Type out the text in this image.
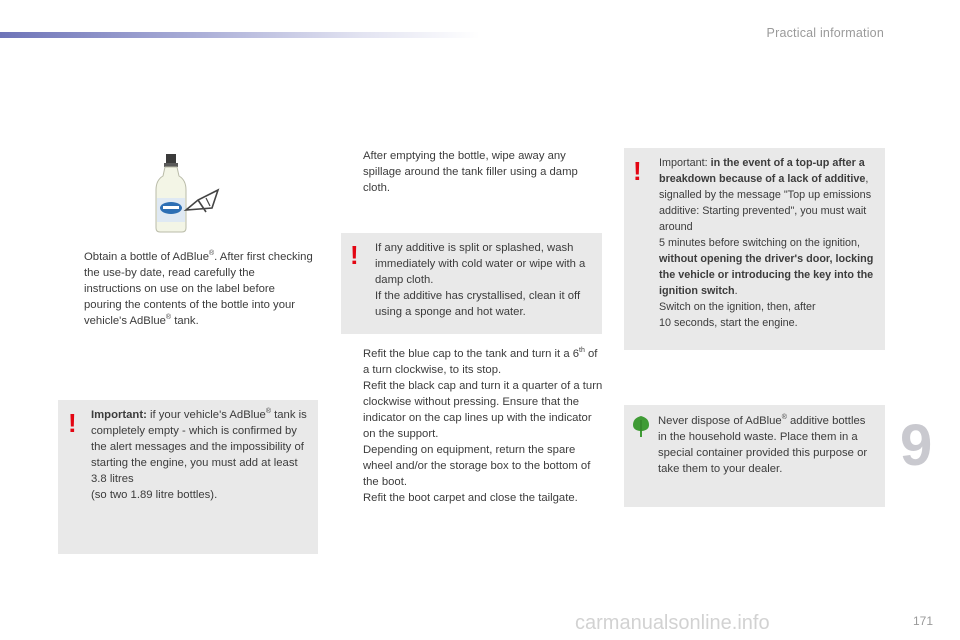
Practical information
Obtain a bottle of AdBlue®. After first checking the use-by date, read carefully the instructions on use on the label before pouring the contents of the bottle into your vehicle's AdBlue® tank.
! Important: if your vehicle's AdBlue® tank is completely empty - which is confirmed by the alert messages and the impossibility of starting the engine, you must add at least 3.8 litres
(so two 1.89 litre bottles).
After emptying the bottle, wipe away any spillage around the tank filler using a damp cloth.
! If any additive is split or splashed, wash immediately with cold water or wipe with a damp cloth.
If the additive has crystallised, clean it off using a sponge and hot water.
Refit the blue cap to the tank and turn it a 6th of a turn clockwise, to its stop.
Refit the black cap and turn it a quarter of a turn clockwise without pressing. Ensure that the indicator on the cap lines up with the indicator on the support.
Depending on equipment, return the spare wheel and/or the storage box to the bottom of the boot.
Refit the boot carpet and close the tailgate.
! Important: in the event of a top-up after a breakdown because of a lack of additive, signalled by the message "Top up emissions additive: Starting prevented", you must wait around
5 minutes before switching on the ignition, without opening the driver's door, locking the vehicle or introducing the key into the ignition switch.
Switch on the ignition, then, after
10 seconds, start the engine.
Never dispose of AdBlue® additive bottles in the household waste. Place them in a special container provided this purpose or take them to your dealer.	9
carmanualsonline.info	171
